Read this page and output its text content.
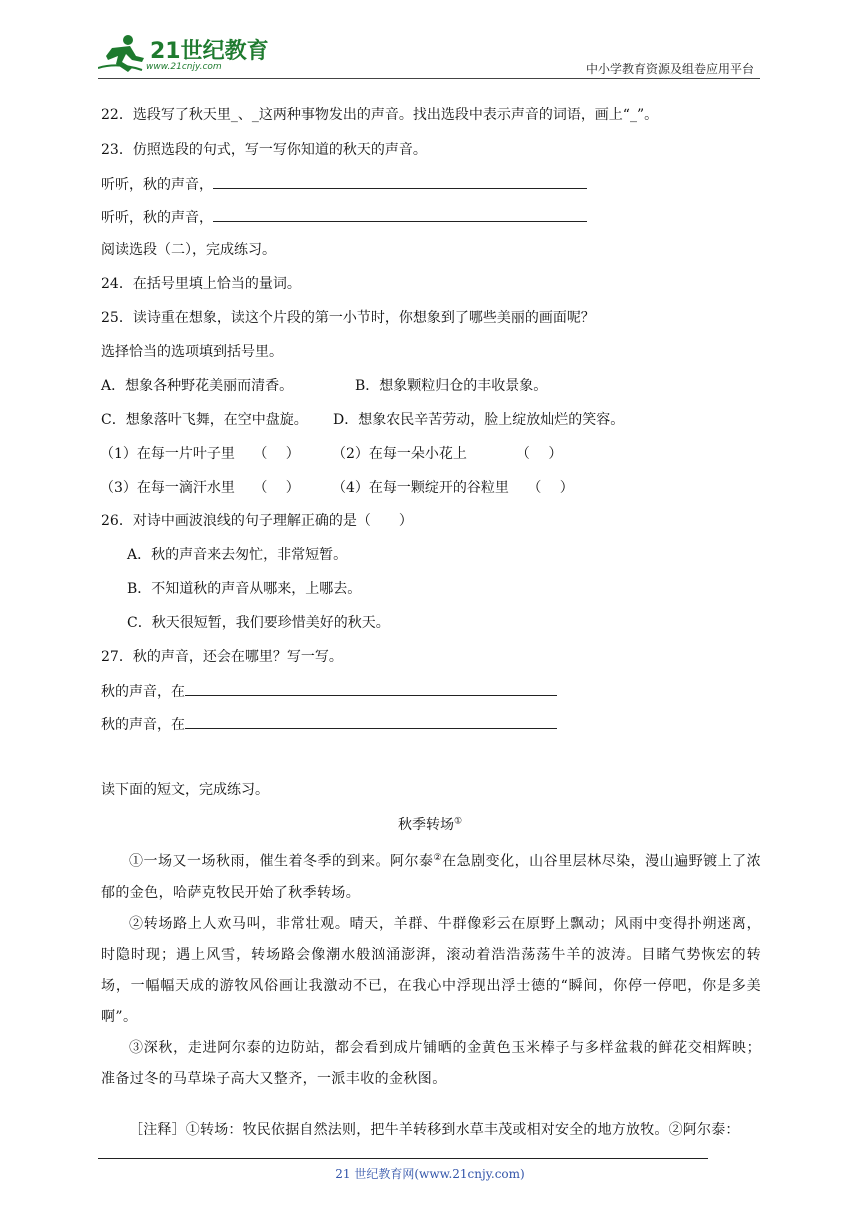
21世纪教育
www.21cnjy.com	中小学教育资源及组卷应用平台
22．选段写了秋天里_、_这两种事物发出的声音。找出选段中表示声音的词语，画上“_”。
23．仿照选段的句式，写一写你知道的秋天的声音。
听听，秋的声音，
听听，秋的声音，
阅读选段（二），完成练习。
24．在括号里填上恰当的量词。
25．读诗重在想象，读这个片段的第一小节时，你想象到了哪些美丽的画面呢？
选择恰当的选项填到括号里。
A．想象各种野花美丽而清香。	B．想象颗粒归仓的丰收景象。
C．想象落叶飞舞，在空中盘旋。 D．想象农民辛苦劳动，脸上绽放灿烂的笑容。
（1）在每一片叶子里　 （　 ） （2）在每一朵小花上　　　　（　 ）
（3）在每一滴汗水里　 （　 ） （4）在每一颗绽开的谷粒里　 （　 ）
26．对诗中画波浪线的句子理解正确的是（　　）
A．秋的声音来去匆忙，非常短暂。
B．不知道秋的声音从哪来，上哪去。
C．秋天很短暂，我们要珍惜美好的秋天。
27．秋的声音，还会在哪里？写一写。
秋的声音，在
秋的声音，在
读下面的短文，完成练习。
秋季转场①

①一场又一场秋雨，催生着冬季的到来。阿尔泰②在急剧变化，山谷里层林尽染，漫山遍野镀上了浓郁的金色，哈萨克牧民开始了秋季转场。

②转场路上人欢马叫，非常壮观。晴天，羊群、牛群像彩云在原野上飘动；风雨中变得扑朔迷离，时隐时现；遇上风雪，转场路会像潮水般汹涌澎湃，滚动着浩浩荡荡牛羊的波涛。目睹气势恢宏的转场，一幅幅天成的游牧风俗画让我激动不已，在我心中浮现出浮士德的“瞬间，你停一停吧，你是多美啊”。

③深秋，走进阿尔泰的边防站，都会看到成片铺晒的金黄色玉米棒子与多样盆栽的鲜花交相辉映；准备过冬的马草垛子高大又整齐，一派丰收的金秋图。

［注释］①转场：牧民依据自然法则，把牛羊转移到水草丰茂或相对安全的地方放牧。②阿尔泰：

21 世纪教育网(www.21cnjy.com)
